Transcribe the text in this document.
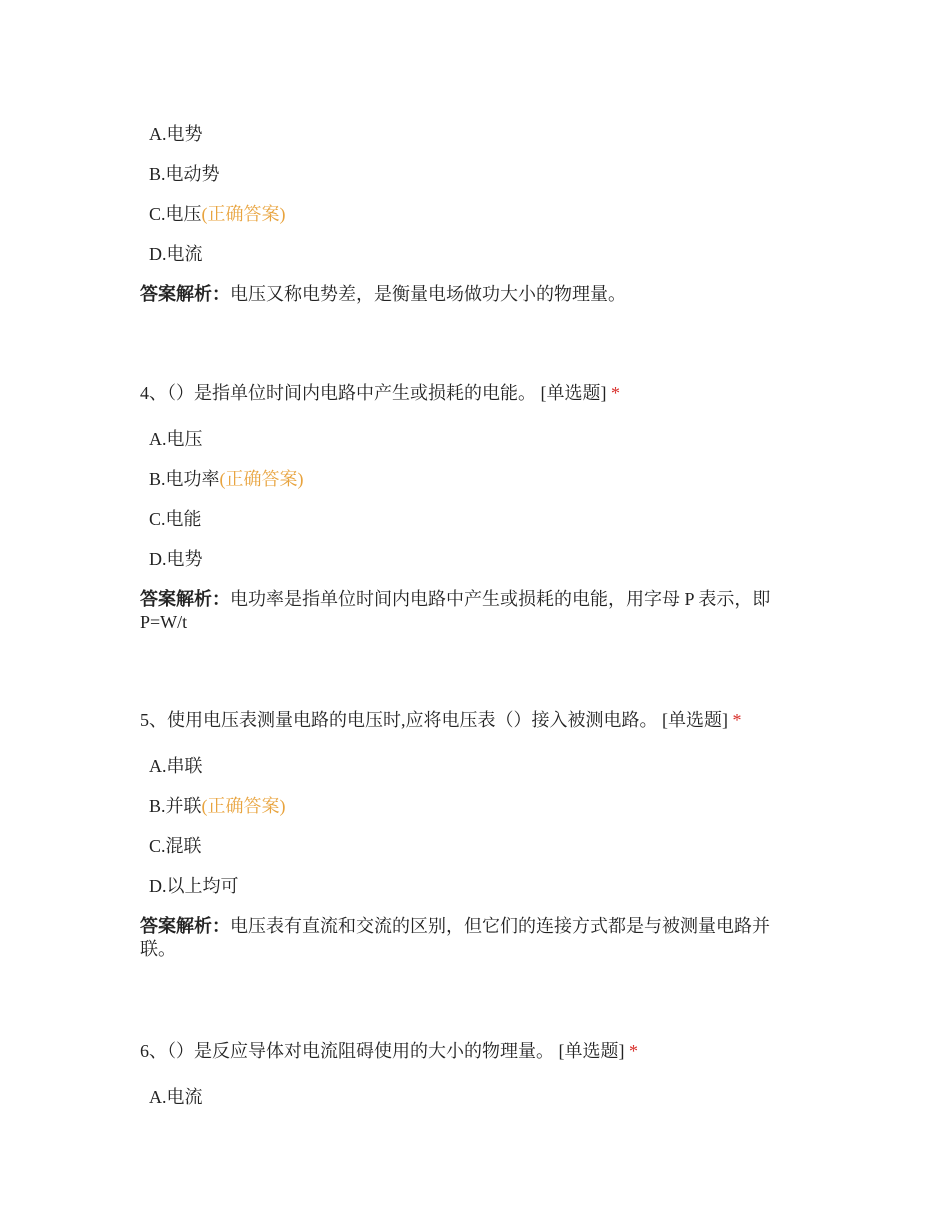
A.电势
B.电动势
C.电压(正确答案)
D.电流
答案解析：电压又称电势差，是衡量电场做功大小的物理量。
4、（）是指单位时间内电路中产生或损耗的电能。 [单选题] *
A.电压
B.电功率(正确答案)
C.电能
D.电势
答案解析：电功率是指单位时间内电路中产生或损耗的电能，用字母 P 表示，即 P=W/t
5、使用电压表测量电路的电压时,应将电压表（）接入被测电路。 [单选题] *
A.串联
B.并联(正确答案)
C.混联
D.以上均可
答案解析：电压表有直流和交流的区别，但它们的连接方式都是与被测量电路并联。
6、（）是反应导体对电流阻碍使用的大小的物理量。 [单选题] *
A.电流
